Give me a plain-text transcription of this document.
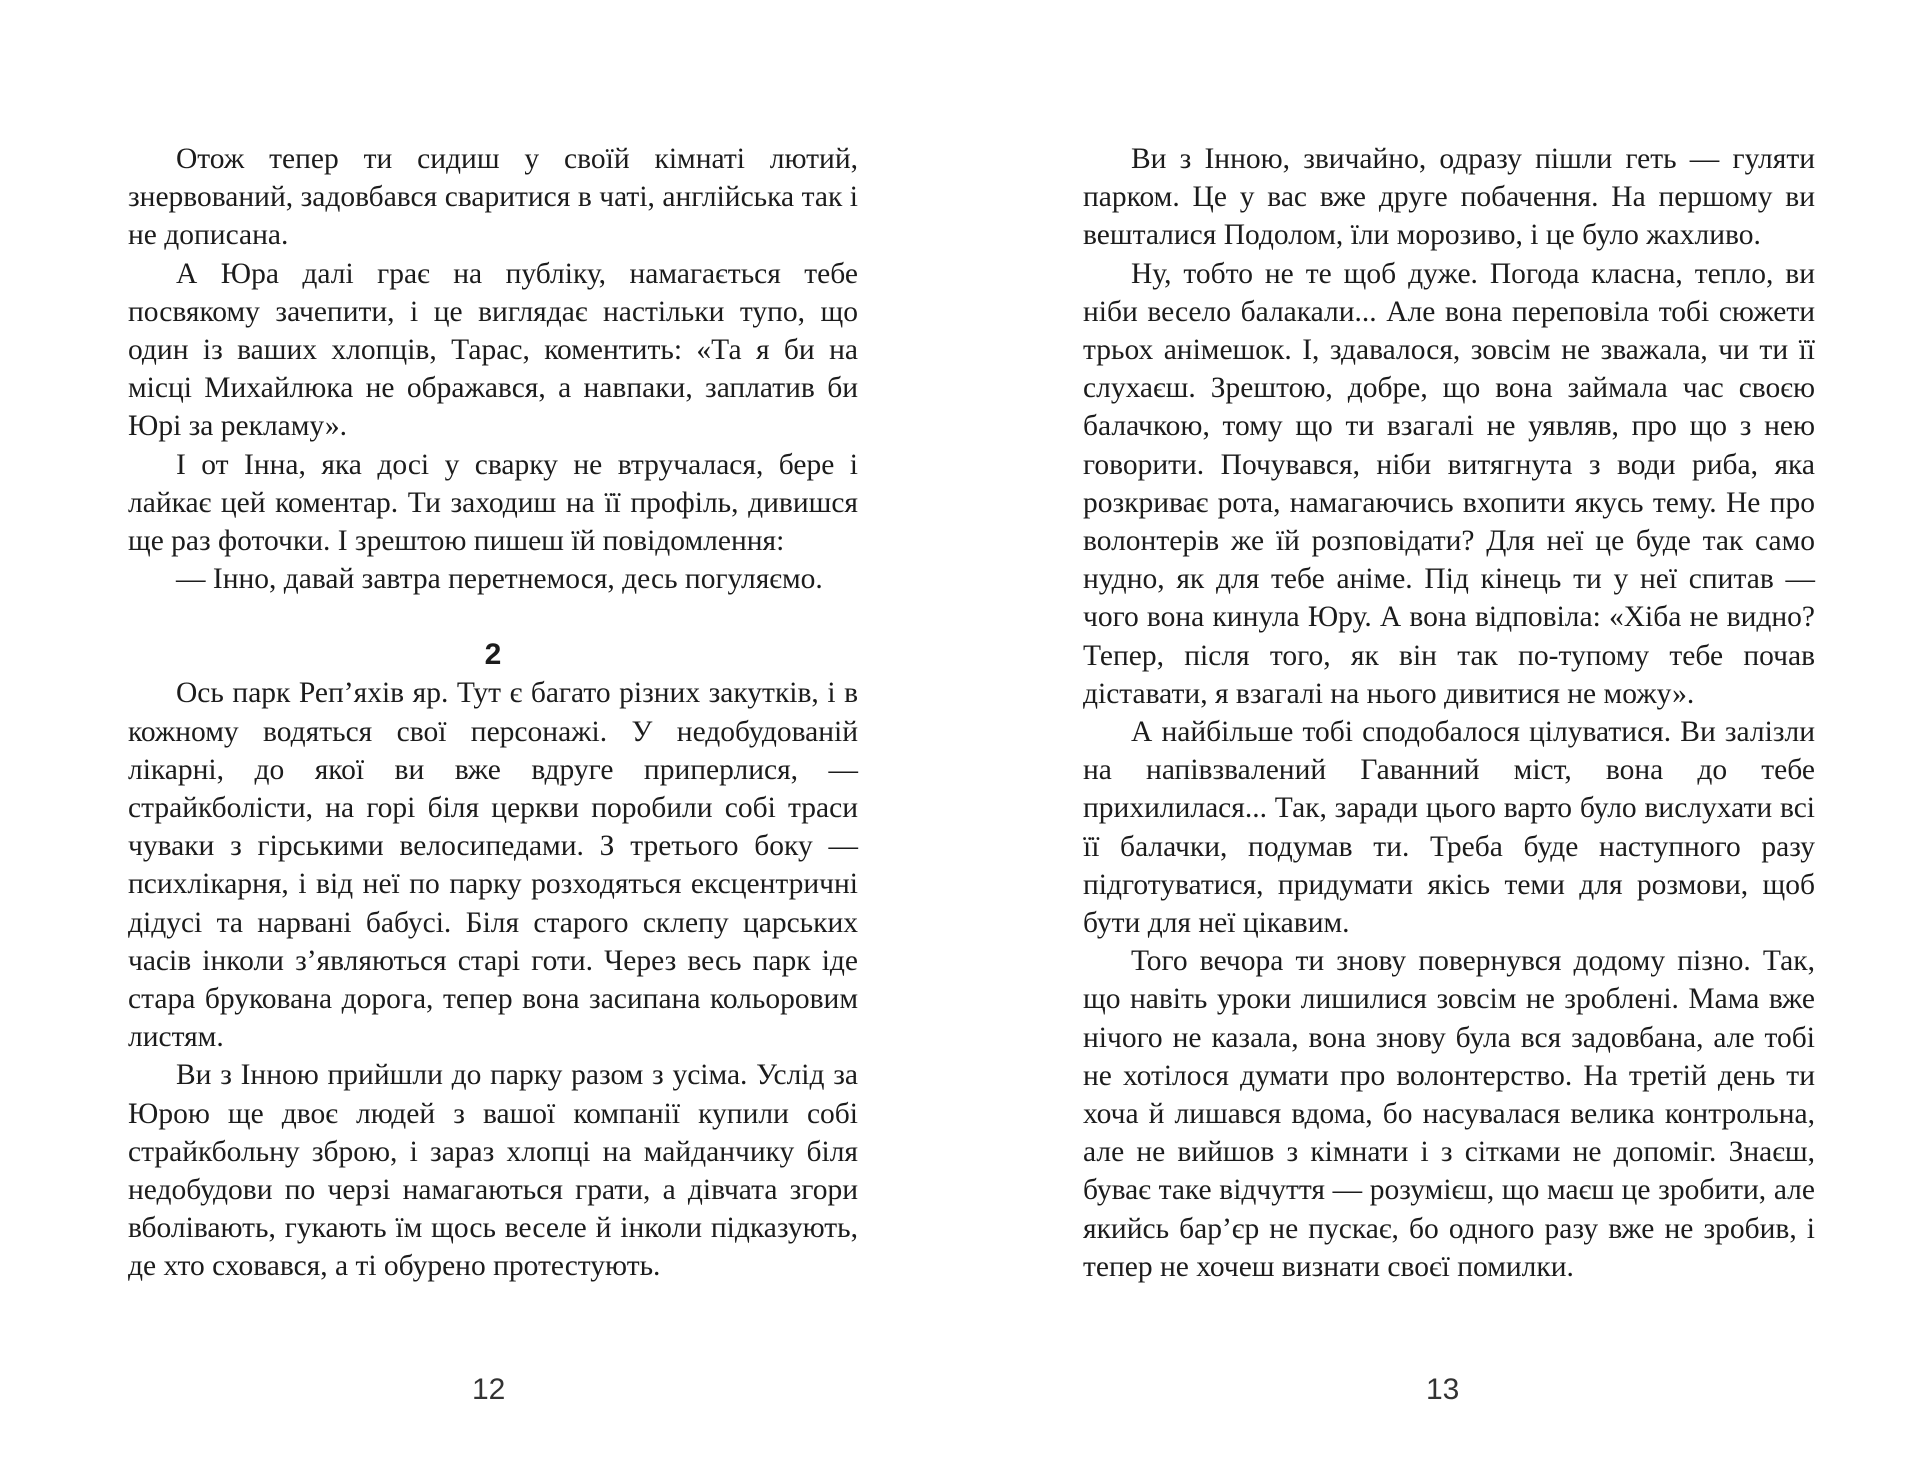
Отож тепер ти сидиш у своїй кімнаті лютий, знервований, задовбався сваритися в чаті, англійська так і не дописана.

А Юра далі грає на публіку, намагається тебе посвякому зачепити, і це виглядає настільки тупо, що один із ваших хлопців, Тарас, коментить: «Та я би на місці Михайлюка не ображався, а навпаки, заплатив би Юрі за рекламу».

І от Інна, яка досі у сварку не втручалася, бере і лайкає цей коментар. Ти заходиш на її профіль, дивишся ще раз фоточки. І зрештою пишеш їй повідомлення:

— Інно, давай завтра перетнемося, десь погуляємо.

2

Ось парк Реп’яхів яр. Тут є багато різних закутків, і в кожному водяться свої персонажі. У недобудованій лікарні, до якої ви вже вдруге приперлися, — страйкболісти, на горі біля церкви поробили собі траси чуваки з гірськими велосипедами. З третього боку — психлікарня, і від неї по парку розходяться ексцентричні дідусі та нарвані бабусі. Біля старого склепу царських часів інколи з’являються старі готи. Через весь парк іде стара брукована дорога, тепер вона засипана кольоровим листям.

Ви з Інною прийшли до парку разом з усіма. Услід за Юрою ще двоє людей з вашої компанії купили собі страйкбольну зброю, і зараз хлопці на майданчику біля недобудови по черзі намагаються грати, а дівчата згори вболівають, гукають їм щось веселе й інколи підказують, де хто сховався, а ті обурено протестують.

12

Ви з Інною, звичайно, одразу пішли геть — гуляти парком. Це у вас вже друге побачення. На першому ви вешталися Подолом, їли морозиво, і це було жахливо.

Ну, тобто не те щоб дуже. Погода класна, тепло, ви ніби весело балакали... Але вона переповіла тобі сюжети трьох анімешок. І, здавалося, зовсім не зважала, чи ти її слухаєш. Зрештою, добре, що вона займала час своєю балачкою, тому що ти взагалі не уявляв, про що з нею говорити. Почувався, ніби витягнута з води риба, яка розкриває рота, намагаючись вхопити якусь тему. Не про волонтерів же їй розповідати? Для неї це буде так само нудно, як для тебе аніме. Під кінець ти у неї спитав — чого вона кинула Юру. А вона відповіла: «Хіба не видно? Тепер, після того, як він так по-тупому тебе почав діставати, я взагалі на нього дивитися не можу».

А найбільше тобі сподобалося цілуватися. Ви залізли на напівзвалений Гаванний міст, вона до тебе прихилилася... Так, заради цього варто було вислухати всі її балачки, подумав ти. Треба буде наступного разу підготуватися, придумати якісь теми для розмови, щоб бути для неї цікавим.

Того вечора ти знову повернувся додому пізно. Так, що навіть уроки лишилися зовсім не зроблені. Мама вже нічого не казала, вона знову була вся задовбана, але тобі не хотілося думати про волонтерство. На третій день ти хоча й лишався вдома, бо насувалася велика контрольна, але не вийшов з кімнати і з сітками не допоміг. Знаєш, буває таке відчуття — розумієш, що маєш це зробити, але якийсь бар’єр не пускає, бо одного разу вже не зробив, і тепер не хочеш визнати своєї помилки.

13
